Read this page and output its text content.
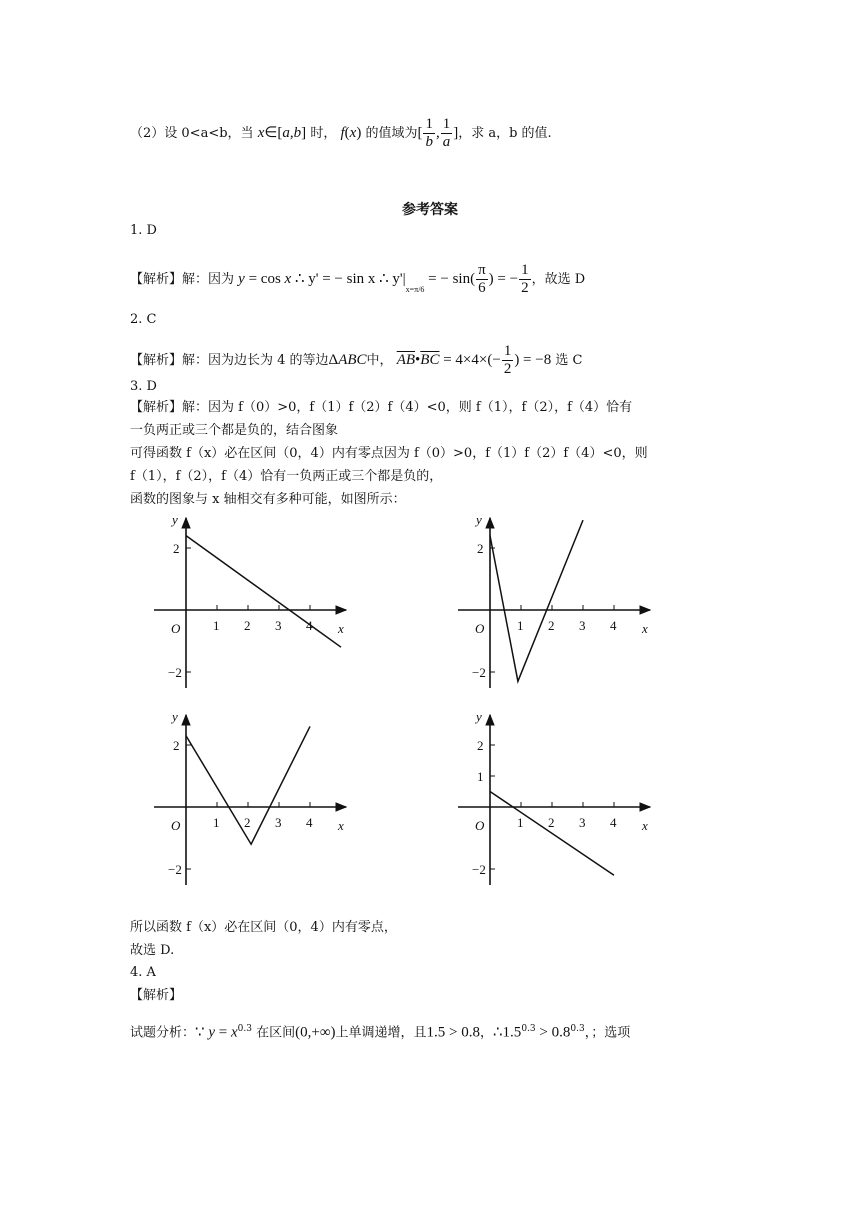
（2）设 0<a<b，当 x∈[a,b] 时， f(x) 的值域为[ $\frac{1}{b}$ , $\frac{1}{a}$ ]，求 a，b 的值.
参考答案
1. D
【解析】解：因为 y = cos x ∴ y' = − sin x ∴ $y'|_{x=\pi/6}$ = − $\sin( \frac{\pi}{6}$ ) = − $\frac{1}{2}$ ，故选 D
2. C
【解析】解：因为边长为 4 的等边ΔABC中， $\overline{AB}•\overline{BC} = 4\times 4\times(- \frac{1}{2}$ ) = −8 选 C
3. D
【解析】解：因为 f（0）>0，f（1）f（2）f（4）<0，则 f（1），f（2），f（4）恰有
一负两正或三个都是负的，结合图象
可得函数 f（x）必在区间（0，4）内有零点因为 f（0）>0，f（1）f（2）f（4）<0，则
f（1），f（2），f（4）恰有一负两正或三个都是负的，
函数的图象与 x 轴相交有多种可能，如图所示：
1 2 3 4
2
−2
O	x
y
1 2 3 4
2
−2
O	x
y
1 2 3 4
2
−2
O	x
y
1 2 3 4
2
1
−2
O	x
y
所以函数 f（x）必在区间（0，4）内有零点，
故选 D.
4. A
【解析】
试题分析：∵ $y = x^{0.3}$ 在区间(0,+∞)上单调递增，且1.5 > 0.8，$\therefore 1.5^{0.3} > 0.8^{0.3}$，；选项
